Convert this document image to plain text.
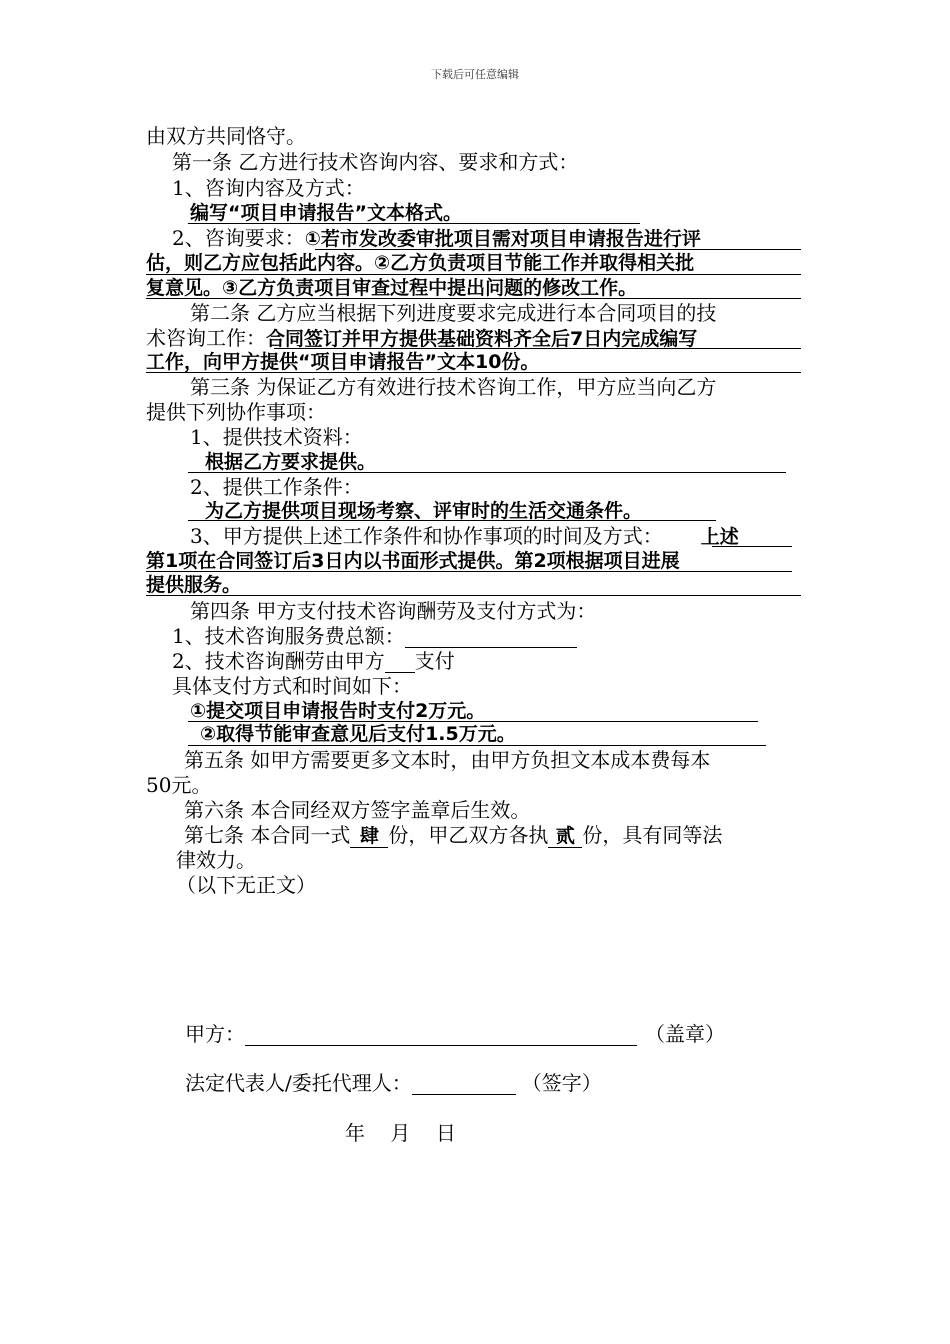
下载后可任意编辑
由双方共同恪守。
第一条 乙方进行技术咨询内容、要求和方式：
1、咨询内容及方式：
编写“项目申请报告”文本格式。
2、咨询要求：①若市发改委审批项目需对项目申请报告进行评
估，则乙方应包括此内容。②乙方负责项目节能工作并取得相关批
复意见。③乙方负责项目审查过程中提出问题的修改工作。
第二条 乙方应当根据下列进度要求完成进行本合同项目的技
术咨询工作：合同签订并甲方提供基础资料齐全后7日内完成编写
工作，向甲方提供“项目申请报告”文本10份。
第三条 为保证乙方有效进行技术咨询工作，甲方应当向乙方
提供下列协作事项：
1、提供技术资料：
根据乙方要求提供。
2、提供工作条件：
为乙方提供项目现场考察、评审时的生活交通条件。
3、甲方提供上述工作条件和协作事项的时间及方式： 上述
第1项在合同签订后3日内以书面形式提供。第2项根据项目进展
提供服务。
第四条 甲方支付技术咨询酬劳及支付方式为：
1、技术咨询服务费总额：
2、技术咨询酬劳由甲方 支付
具体支付方式和时间如下：
①提交项目申请报告时支付2万元。
②取得节能审查意见后支付1.5万元。
第五条 如甲方需要更多文本时，由甲方负担文本成本费每本
50元。
第六条 本合同经双方签字盖章后生效。
第七条 本合同一式 肆 份，甲乙双方各执 贰 份，具有同等法
律效力。
（以下无正文）
甲方：	（盖章）
法定代表人/委托代理人：	（签字）
年    月    日
